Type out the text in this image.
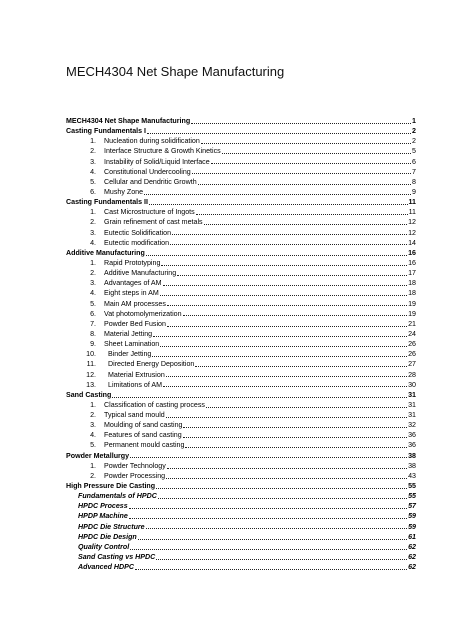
MECH4304 Net Shape Manufacturing
MECH4304 Net Shape Manufacturing	1
Casting Fundamentals I	2
1. Nucleation during solidification	2
2. Interface Structure & Growth Kinetics	5
3. Instability of Solid/Liquid Interface	6
4. Constitutional Undercooling	7
5. Cellular and Dendritic Growth	8
6. Mushy Zone	9
Casting Fundamentals II	11
1. Cast Microstructure of Ingots	11
2. Grain refinement of cast metals	12
3. Eutectic Solidification	12
4. Eutectic modification	14
Additive Manufacturing	16
1. Rapid Prototyping	16
2. Additive Manufacturing	17
3. Advantages of AM	18
4. Eight steps in AM	18
5. Main AM processes	19
6. Vat photomolymerization	19
7. Powder Bed Fusion	21
8. Material Jetting	24
9. Sheet Lamination	26
10. Binder Jetting	26
11. Directed Energy Deposition	27
12. Material Extrusion	28
13. Limitations of AM	30
Sand Casting	31
1. Classification of casting process	31
2. Typical sand mould	31
3. Moulding of sand casting	32
4. Features of sand casting	36
5. Permanent mould casting	36
Powder Metallurgy	38
1. Powder Technology	38
2. Powder Processing	43
High Pressure Die Casting	55
Fundamentals of HPDC	55
HPDC Process	57
HPDP Machine	59
HPDC Die Structure	59
HPDC Die Design	61
Quality Control	62
Sand Casting vs HPDC	62
Advanced HDPC	62
